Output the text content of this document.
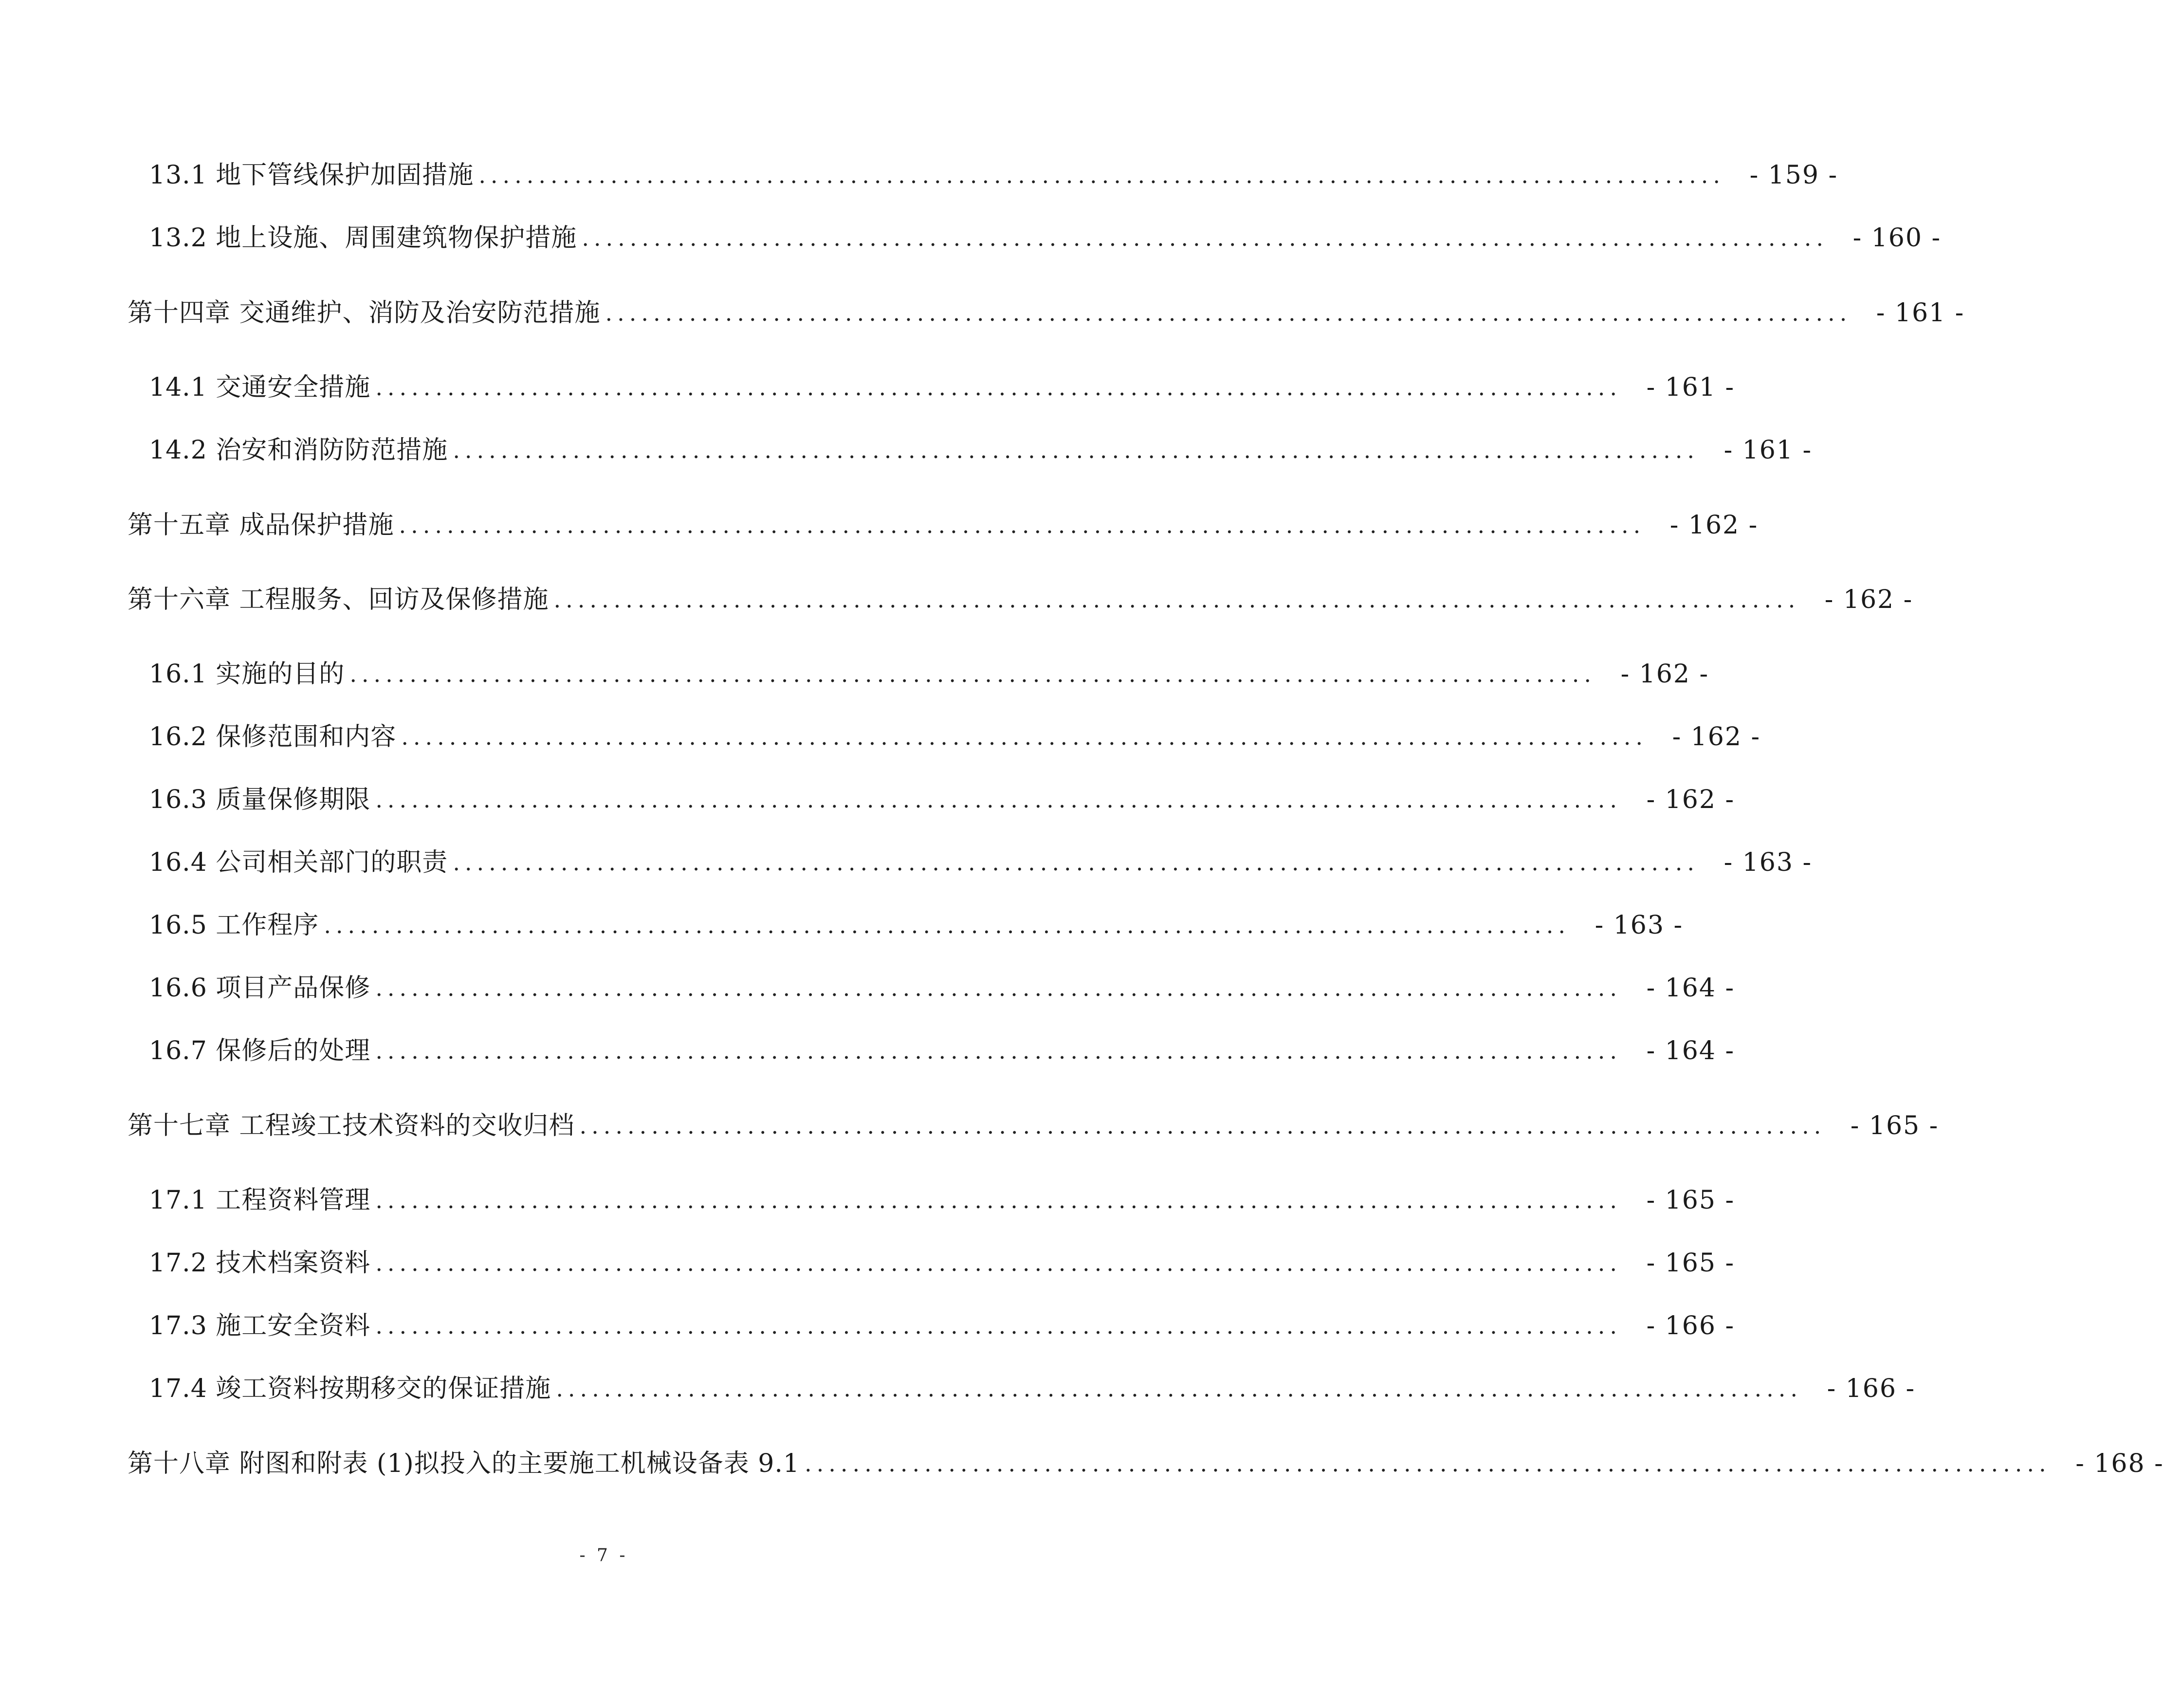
13.1 地下管线保护加固措施 ........................................................................................................ - 159 -
13.2 地上设施、周围建筑物保护措施 ........................................................................................................ - 160 -
第十四章 交通维护、消防及治安防范措施 ........................................................................................................ - 161 -
14.1 交通安全措施 ........................................................................................................ - 161 -
14.2 治安和消防防范措施 ........................................................................................................ - 161 -
第十五章 成品保护措施 ........................................................................................................ - 162 -
第十六章 工程服务、回访及保修措施 ........................................................................................................ - 162 -
16.1 实施的目的 ........................................................................................................ - 162 -
16.2 保修范围和内容 ........................................................................................................ - 162 -
16.3 质量保修期限 ........................................................................................................ - 162 -
16.4 公司相关部门的职责 ........................................................................................................ - 163 -
16.5 工作程序 ........................................................................................................ - 163 -
16.6 项目产品保修 ........................................................................................................ - 164 -
16.7 保修后的处理 ........................................................................................................ - 164 -
第十七章 工程竣工技术资料的交收归档 ........................................................................................................ - 165 -
17.1 工程资料管理 ........................................................................................................ - 165 -
17.2 技术档案资料 ........................................................................................................ - 165 -
17.3 施工安全资料 ........................................................................................................ - 166 -
17.4 竣工资料按期移交的保证措施 ........................................................................................................ - 166 -
第十八章 附图和附表 (1)拟投入的主要施工机械设备表 9.1 ........................................................................................................ - 168 -
- 7 -
